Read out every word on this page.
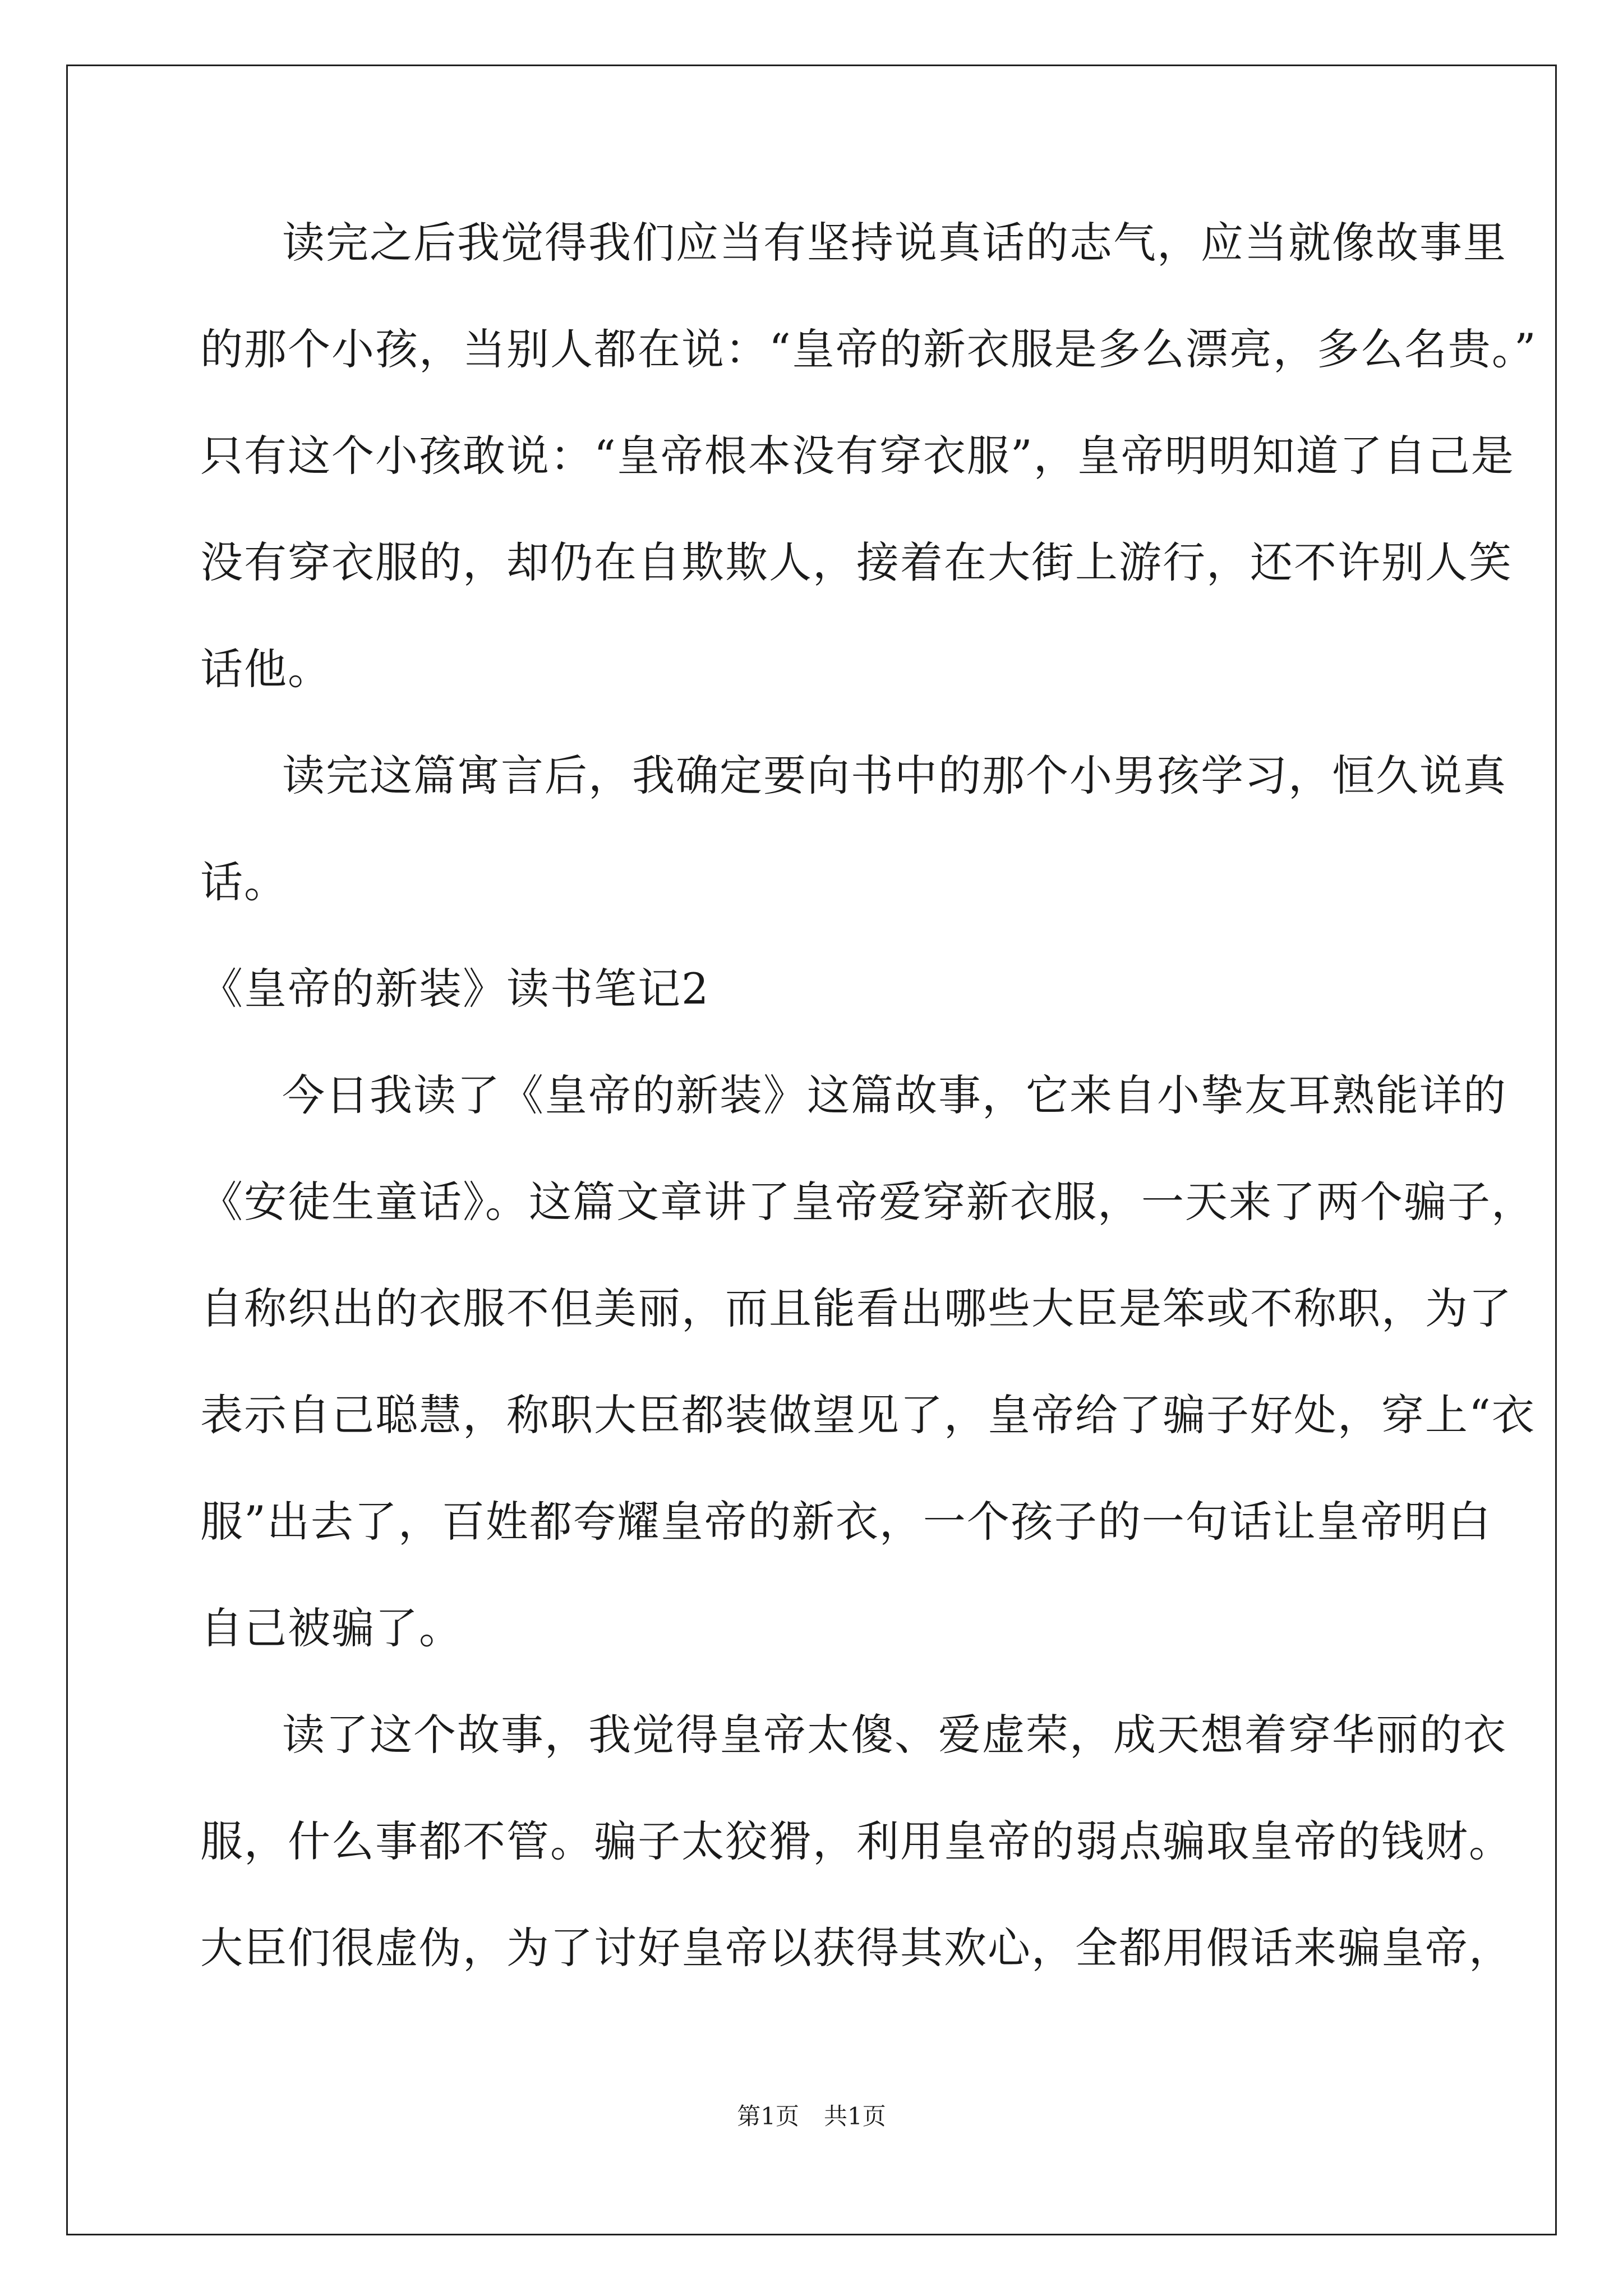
读完之后我觉得我们应当有坚持说真话的志气，应当就像故事里
的那个小孩，当别人都在说：“皇帝的新衣服是多么漂亮，多么名贵。”
只有这个小孩敢说：“皇帝根本没有穿衣服”，皇帝明明知道了自己是
没有穿衣服的，却仍在自欺欺人，接着在大街上游行，还不许别人笑
话他。
读完这篇寓言后，我确定要向书中的那个小男孩学习，恒久说真
话。
《皇帝的新装》读书笔记2
今日我读了《皇帝的新装》这篇故事，它来自小挚友耳熟能详的
《安徒生童话》。这篇文章讲了皇帝爱穿新衣服，一天来了两个骗子，
自称织出的衣服不但美丽，而且能看出哪些大臣是笨或不称职，为了
表示自己聪慧，称职大臣都装做望见了，皇帝给了骗子好处，穿上“衣
服”出去了，百姓都夸耀皇帝的新衣，一个孩子的一句话让皇帝明白
自己被骗了。
读了这个故事，我觉得皇帝太傻、爱虚荣，成天想着穿华丽的衣
服，什么事都不管。骗子太狡猾，利用皇帝的弱点骗取皇帝的钱财。
大臣们很虚伪，为了讨好皇帝以获得其欢心，全都用假话来骗皇帝，
第1页 共1页
